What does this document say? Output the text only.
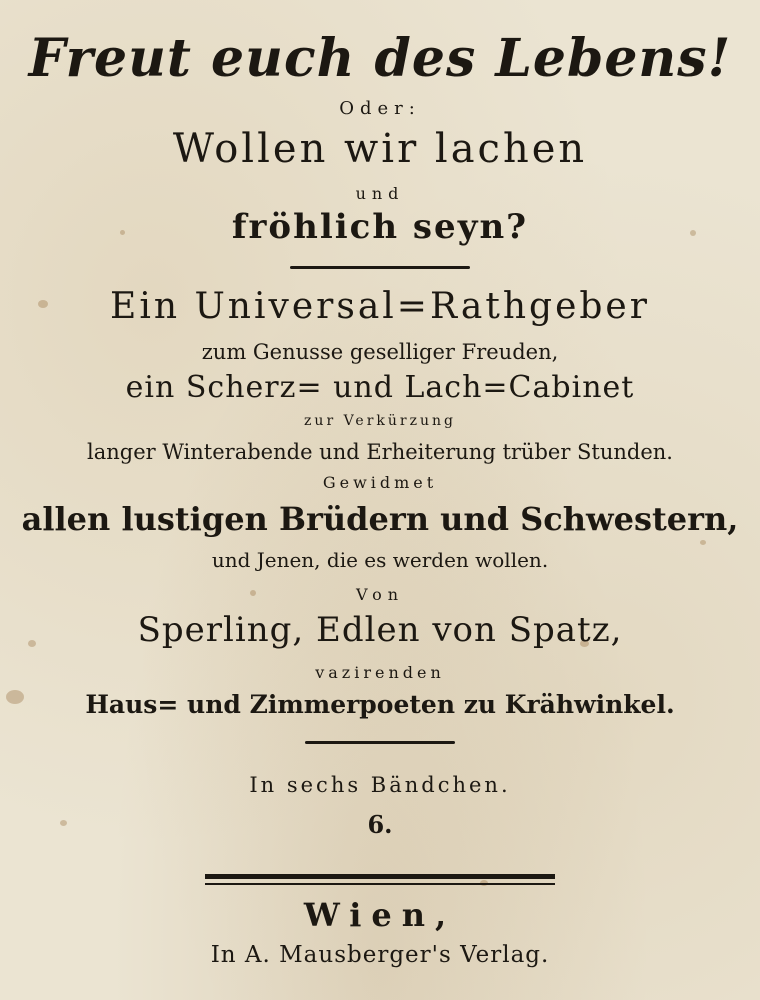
Freut euch des Lebens!
Oder:
Wollen wir lachen
und
fröhlich seyn?
Ein Universal=Rathgeber
zum Genusse geselliger Freuden,
ein Scherz= und Lach=Cabinet
zur Verkürzung
langer Winterabende und Erheiterung trüber Stunden.
Gewidmet
allen lustigen Brüdern und Schwestern,
und Jenen, die es werden wollen.
Von
Sperling, Edlen von Spatz,
vazirenden
Haus= und Zimmerpoeten zu Krähwinkel.
In sechs Bändchen.
6.
Wien,
In A. Mausberger's Verlag.
